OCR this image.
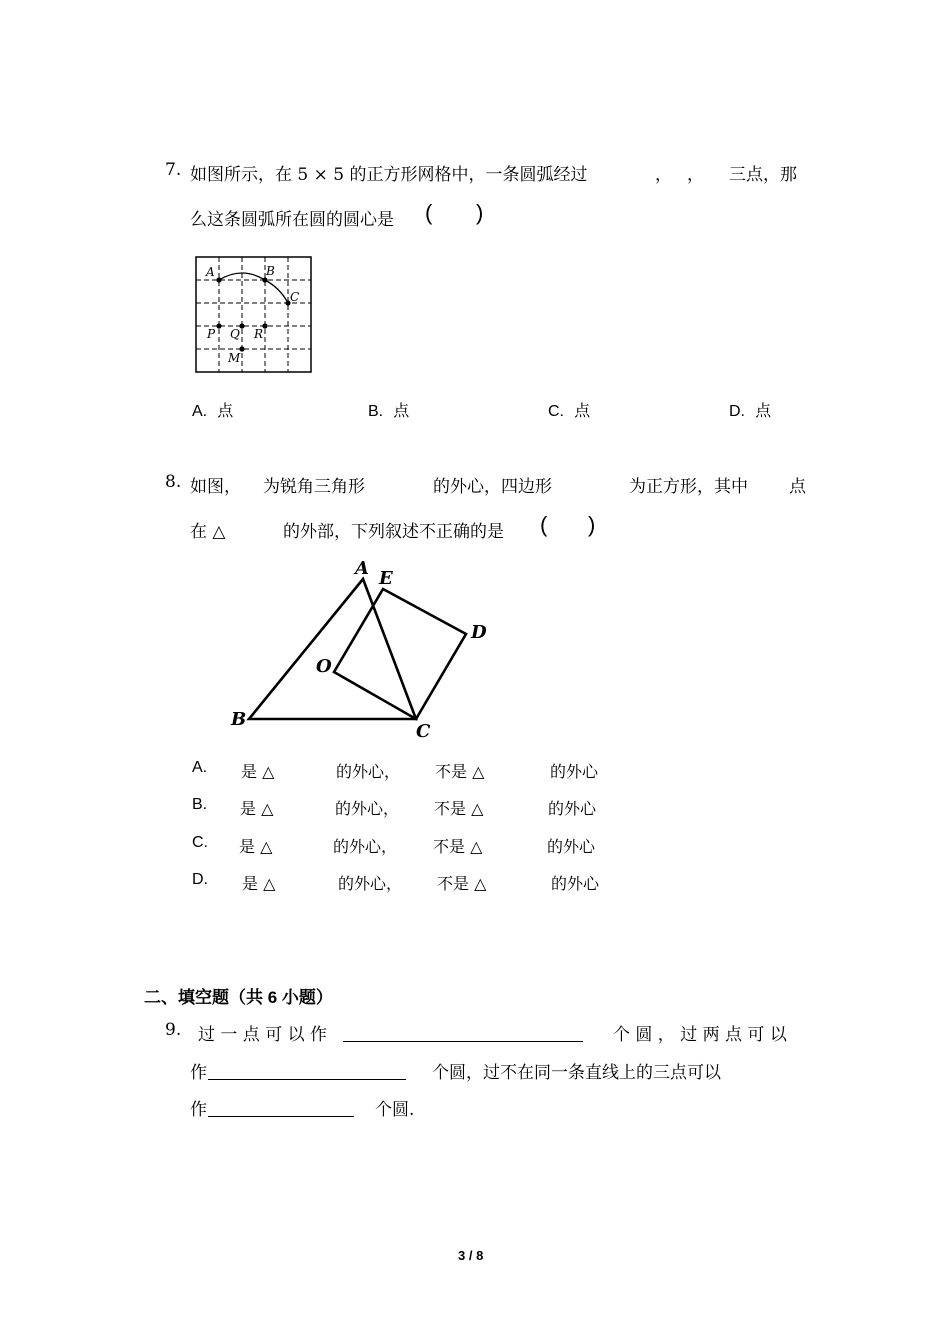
7. 如图所示，在 5 × 5 的正方形网格中，一条圆弧经过	， ， 三点，那
么这条圆弧所在圆的圆心是 ( )
A	B
C
P Q R
M
A. 点	B. 点	C. 点	D. 点
8. 如图， 为锐角三角形	的外心，四边形	为正方形，其中 点
在 △	的外部，下列叙述不正确的是 ( )
A E
D
O
B
C
A. 是 △	的外心， 不是 △	的外心
B. 是 △	的外心， 不是 △	的外心
C. 是 △	的外心， 不是 △	的外心
D. 是 △	的外心， 不是 △	的外心
二、填空题（共 6 小题）
9. 过 一 点 可 以 作	个 圆 ， 过 两 点 可 以
作	个圆，过不在同一条直线上的三点可以
作	个圆.
3 / 8
